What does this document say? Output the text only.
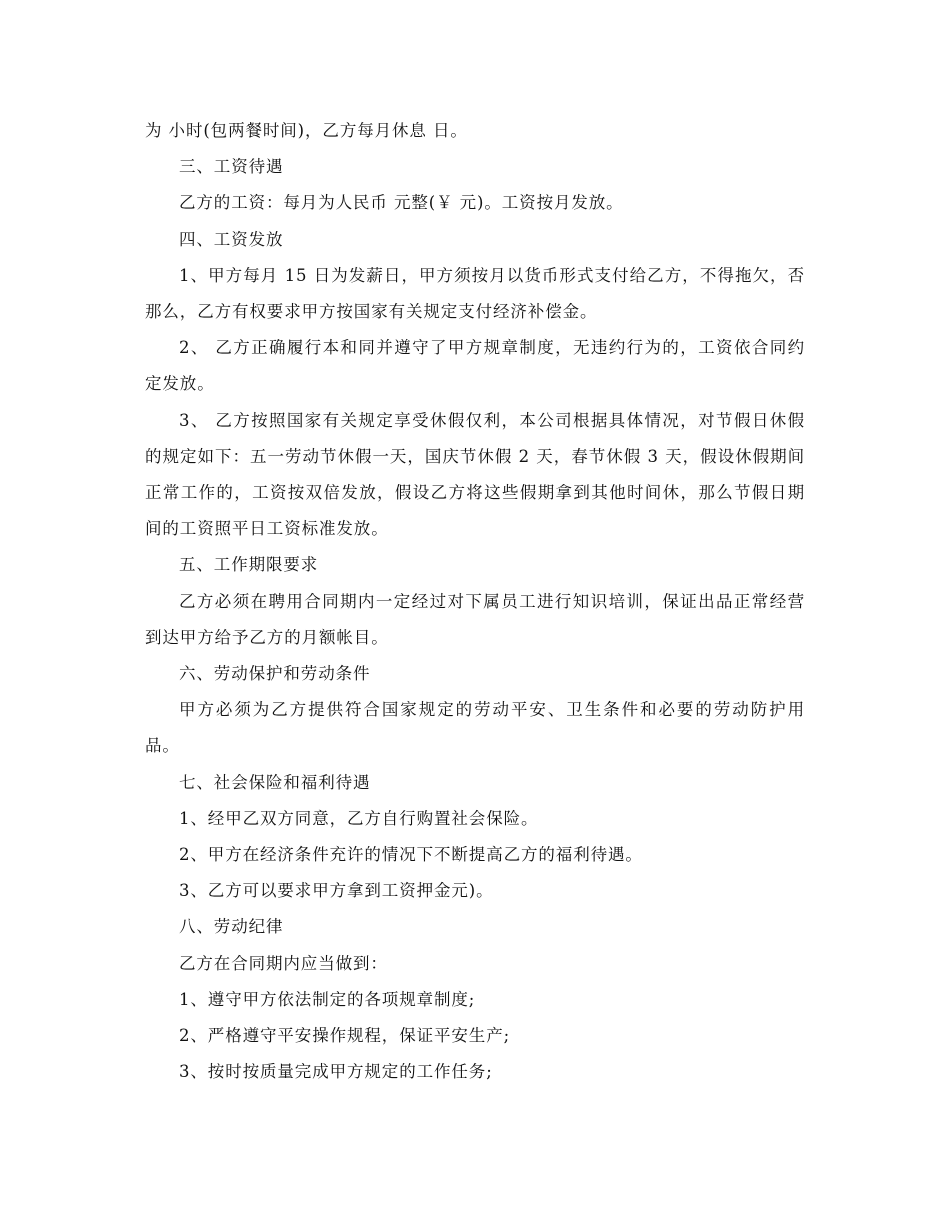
为 小时(包两餐时间)，乙方每月休息 日。

三、工资待遇

乙方的工资：每月为人民币 元整(￥ 元)。工资按月发放。

四、工资发放

1、甲方每月 15 日为发薪日，甲方须按月以货币形式支付给乙方，不得拖欠，否那么，乙方有权要求甲方按国家有关规定支付经济补偿金。

2、 乙方正确履行本和同并遵守了甲方规章制度，无违约行为的，工资依合同约定发放。

3、 乙方按照国家有关规定享受休假仅利，本公司根据具体情况，对节假日休假的规定如下：五一劳动节休假一天，国庆节休假 2 天，春节休假 3 天，假设休假期间正常工作的，工资按双倍发放，假设乙方将这些假期拿到其他时间休，那么节假日期间的工资照平日工资标准发放。

五、工作期限要求

乙方必须在聘用合同期内一定经过对下属员工进行知识培训，保证出品正常经营到达甲方给予乙方的月额帐目。

六、劳动保护和劳动条件

甲方必须为乙方提供符合国家规定的劳动平安、卫生条件和必要的劳动防护用品。

七、社会保险和福利待遇

1、经甲乙双方同意，乙方自行购置社会保险。

2、甲方在经济条件充许的情况下不断提高乙方的福利待遇。

3、乙方可以要求甲方拿到工资押金元)。

八、劳动纪律

乙方在合同期内应当做到：

1、遵守甲方依法制定的各项规章制度;

2、严格遵守平安操作规程，保证平安生产;

3、按时按质量完成甲方规定的工作任务;
